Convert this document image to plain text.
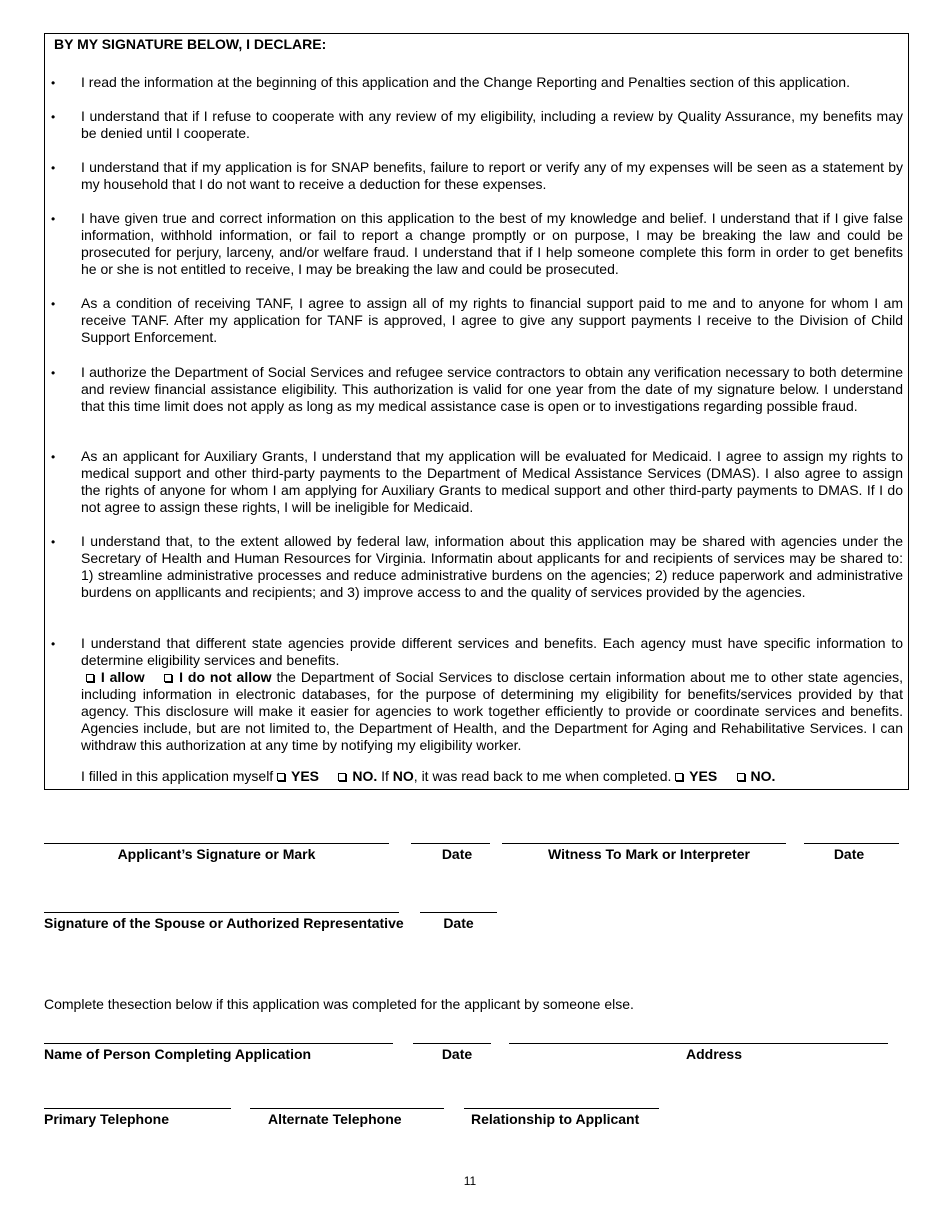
BY MY SIGNATURE BELOW, I DECLARE:
• I read the information at the beginning of this application and the Change Reporting and Penalties section of this application.
• I understand that if I refuse to cooperate with any review of my eligibility, including a review by Quality Assurance, my benefits may be denied until I cooperate.
• I understand that if my application is for SNAP benefits, failure to report or verify any of my expenses will be seen as a statement by my household that I do not want to receive a deduction for these expenses.
• I have given true and correct information on this application to the best of my knowledge and belief. I understand that if I give false information, withhold information, or fail to report a change promptly or on purpose, I may be breaking the law and could be prosecuted for perjury, larceny, and/or welfare fraud. I understand that if I help someone complete this form in order to get benefits he or she is not entitled to receive, I may be breaking the law and could be prosecuted.
• As a condition of receiving TANF, I agree to assign all of my rights to financial support paid to me and to anyone for whom I am receive TANF. After my application for TANF is approved, I agree to give any support payments I receive to the Division of Child Support Enforcement.
• I authorize the Department of Social Services and refugee service contractors to obtain any verification necessary to both determine and review financial assistance eligibility. This authorization is valid for one year from the date of my signature below. I understand that this time limit does not apply as long as my medical assistance case is open or to investigations regarding possible fraud.
• As an applicant for Auxiliary Grants, I understand that my application will be evaluated for Medicaid. I agree to assign my rights to medical support and other third-party payments to the Department of Medical Assistance Services (DMAS). I also agree to assign the rights of anyone for whom I am applying for Auxiliary Grants to medical support and other third-party payments to DMAS. If I do not agree to assign these rights, I will be ineligible for Medicaid.
• I understand that, to the extent allowed by federal law, information about this application may be shared with agencies under the Secretary of Health and Human Resources for Virginia. Informatin about applicants for and recipients of services may be shared to: 1) streamline administrative processes and reduce administrative burdens on the agencies; 2) reduce paperwork and administrative burdens on appllicants and recipients; and 3) improve access to and the quality of services provided by the agencies.
• I understand that different state agencies provide different services and benefits. Each agency must have specific information to determine eligibility services and benefits.
I allow I do not allow the Department of Social Services to disclose certain information about me to other state agencies, including information in electronic databases, for the purpose of determining my eligibility for benefits/services provided by that agency. This disclosure will make it easier for agencies to work together efficiently to provide or coordinate services and benefits. Agencies include, but are not limited to, the Department of Health, and the Department for Aging and Rehabilitative Services. I can withdraw this authorization at any time by notifying my eligibility worker.
I filled in this application myself  YES NO. If NO, it was read back to me when completed.  YES NO.
Applicant’s Signature or Mark	Date	Witness To Mark or Interpreter	Date
Signature of the Spouse or Authorized Representative	Date
Complete thesection below if this application was completed for the applicant by someone else.
Name of Person Completing Application	Date	Address
Primary Telephone	Alternate Telephone	Relationship to Applicant
11
